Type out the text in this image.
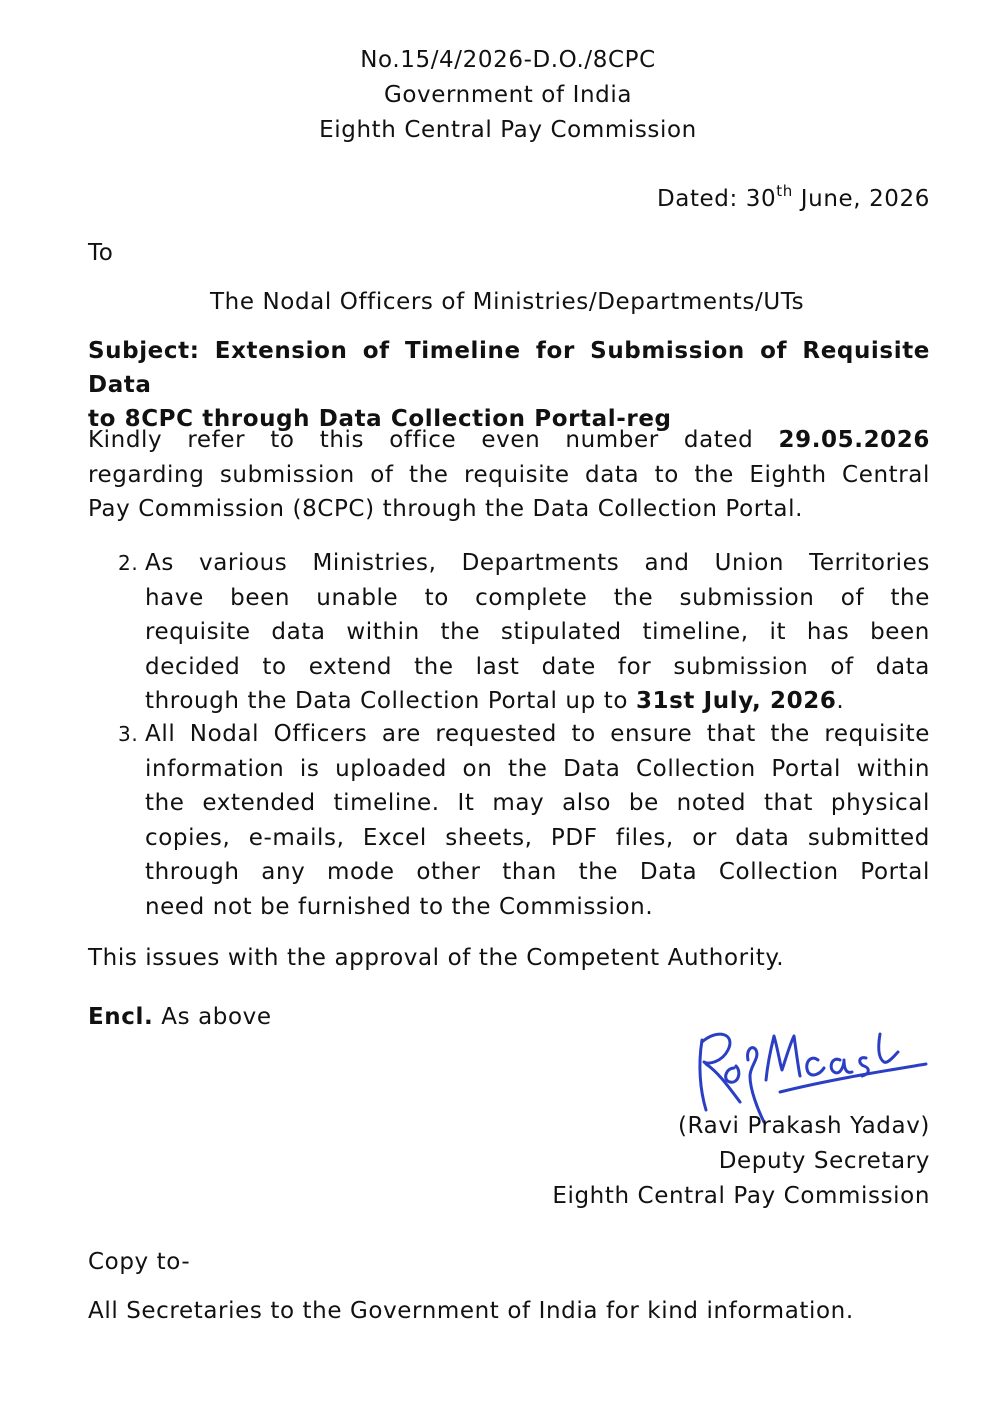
No.15/4/2026-D.O./8CPC
Government of India
Eighth Central Pay Commission
Dated: 30th June, 2026
To
The Nodal Officers of Ministries/Departments/UTs
Subject: Extension of Timeline for Submission of Requisite Data
to 8CPC through Data Collection Portal-reg
Kindly refer to this office even number dated 29.05.2026
regarding submission of the requisite data to the Eighth Central
Pay Commission (8CPC) through the Data Collection Portal.
2. As various Ministries, Departments and Union Territories
have been unable to complete the submission of the
requisite data within the stipulated timeline, it has been
decided to extend the last date for submission of data
through the Data Collection Portal up to 31st July, 2026.
3. All Nodal Officers are requested to ensure that the requisite
information is uploaded on the Data Collection Portal within
the extended timeline. It may also be noted that physical
copies, e-mails, Excel sheets, PDF files, or data submitted
through any mode other than the Data Collection Portal
need not be furnished to the Commission.
This issues with the approval of the Competent Authority.
Encl. As above
(Ravi Prakash Yadav)
Deputy Secretary
Eighth Central Pay Commission
Copy to-
All Secretaries to the Government of India for kind information.
